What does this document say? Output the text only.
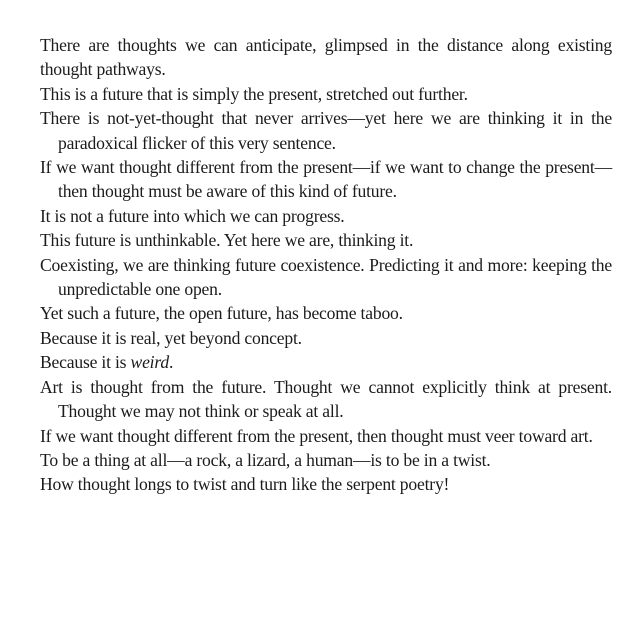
There are thoughts we can anticipate, glimpsed in the distance along existing thought pathways.

This is a future that is simply the present, stretched out further.

There is not-yet-thought that never arrives—yet here we are thinking it in the paradoxical flicker of this very sentence.

If we want thought different from the present—if we want to change the present—then thought must be aware of this kind of future.

It is not a future into which we can progress.

This future is unthinkable. Yet here we are, thinking it.

Coexisting, we are thinking future coexistence. Predicting it and more: keeping the unpredictable one open.

Yet such a future, the open future, has become taboo.

Because it is real, yet beyond concept.

Because it is weird.

Art is thought from the future. Thought we cannot explicitly think at present. Thought we may not think or speak at all.

If we want thought different from the present, then thought must veer toward art.

To be a thing at all—a rock, a lizard, a human—is to be in a twist.

How thought longs to twist and turn like the serpent poetry!
